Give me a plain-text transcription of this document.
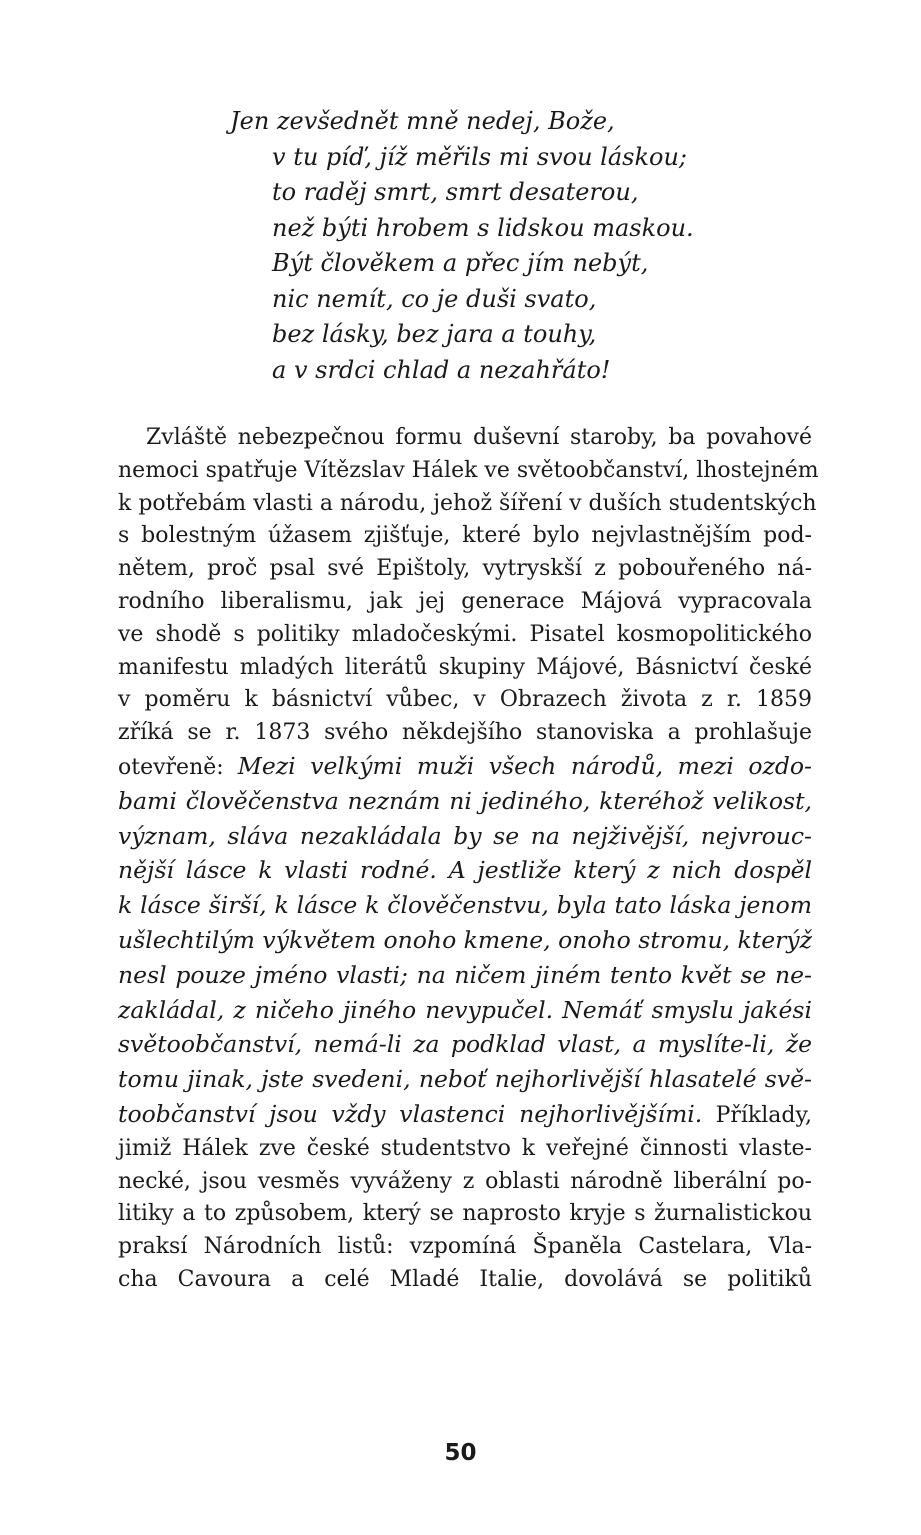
Jen zevšednět mně nedej, Bože,
v tu píď, jíž měřils mi svou láskou;
to raděj smrt, smrt desaterou,
než býti hrobem s lidskou maskou.
Být člověkem a přec jím nebýt,
nic nemít, co je duši svato,
bez lásky, bez jara a touhy,
a v srdci chlad a nezahřáto!
Zvláště nebezpečnou formu duševní staroby, ba povahové
nemoci spatřuje Vítězslav Hálek ve světoobčanství, lhostejném
k potřebám vlasti a národu, jehož šíření v duších studentských
s bolestným úžasem zjišťuje, které bylo nejvlastnějším pod-
nětem, proč psal své Epištoly, vytryskší z pobouřeného ná-
rodního liberalismu, jak jej generace Májová vypracovala
ve shodě s politiky mladočeskými. Pisatel kosmopolitického
manifestu mladých literátů skupiny Májové, Básnictví české
v poměru k básnictví vůbec, v Obrazech života z r. 1859
zříká se r. 1873 svého někdejšího stanoviska a prohlašuje
otevřeně: Mezi velkými muži všech národů, mezi ozdo-
bami člověčenstva neznám ni jediného, kteréhož velikost,
význam, sláva nezakládala by se na nejživější, nejvrouc-
nější lásce k vlasti rodné. A jestliže který z nich dospěl
k lásce širší, k lásce k člověčenstvu, byla tato láska jenom
ušlechtilým výkvětem onoho kmene, onoho stromu, kterýž
nesl pouze jméno vlasti; na ničem jiném tento květ se ne-
zakládal, z ničeho jiného nevypučel. Nemáť smyslu jakési
světoobčanství, nemá-li za podklad vlast, a myslíte-li, že
tomu jinak, jste svedeni, neboť nejhorlivější hlasatelé svě-
toobčanství jsou vždy vlastenci nejhorlivějšími. Příklady,
jimiž Hálek zve české studentstvo k veřejné činnosti vlaste-
necké, jsou vesměs vyváženy z oblasti národně liberální po-
litiky a to způsobem, který se naprosto kryje s žurnalistickou
praksí Národních listů: vzpomíná Španěla Castelara, Vla-
cha Cavoura a celé Mladé Italie, dovolává se politiků
50
